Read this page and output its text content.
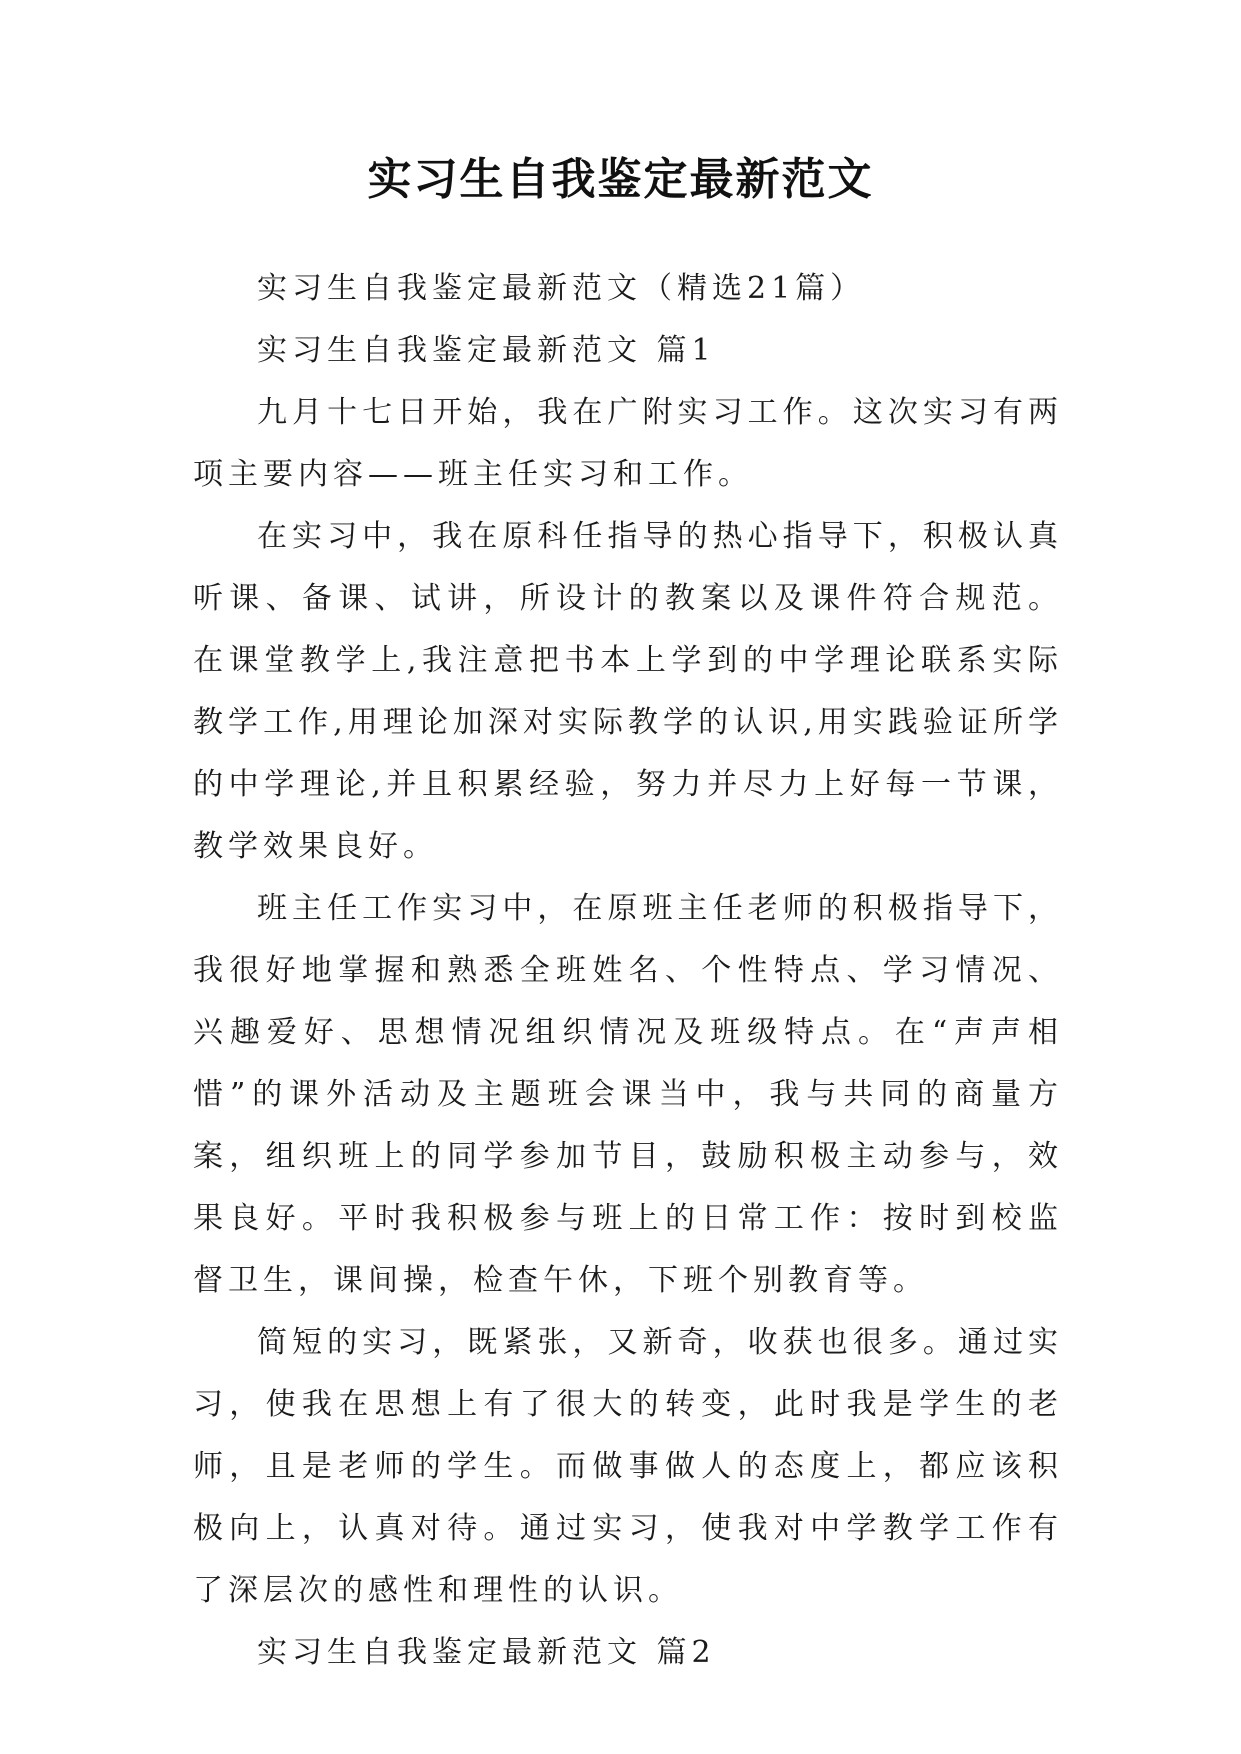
实习生自我鉴定最新范文

实习生自我鉴定最新范文（精选21篇）

实习生自我鉴定最新范文 篇1

九月十七日开始，我在广附实习工作。这次实习有两项主要内容——班主任实习和工作。

在实习中，我在原科任指导的热心指导下，积极认真听课、备课、试讲，所设计的教案以及课件符合规范。在课堂教学上,我注意把书本上学到的中学理论联系实际教学工作,用理论加深对实际教学的认识,用实践验证所学的中学理论,并且积累经验，努力并尽力上好每一节课，教学效果良好。

班主任工作实习中，在原班主任老师的积极指导下，我很好地掌握和熟悉全班姓名、个性特点、学习情况、兴趣爱好、思想情况组织情况及班级特点。在“声声相惜”的课外活动及主题班会课当中，我与共同的商量方案，组织班上的同学参加节目，鼓励积极主动参与，效果良好。平时我积极参与班上的日常工作：按时到校监督卫生，课间操，检查午休，下班个别教育等。

简短的实习，既紧张，又新奇，收获也很多。通过实习，使我在思想上有了很大的转变，此时我是学生的老师，且是老师的学生。而做事做人的态度上，都应该积极向上，认真对待。通过实习，使我对中学教学工作有了深层次的感性和理性的认识。

实习生自我鉴定最新范文 篇2
